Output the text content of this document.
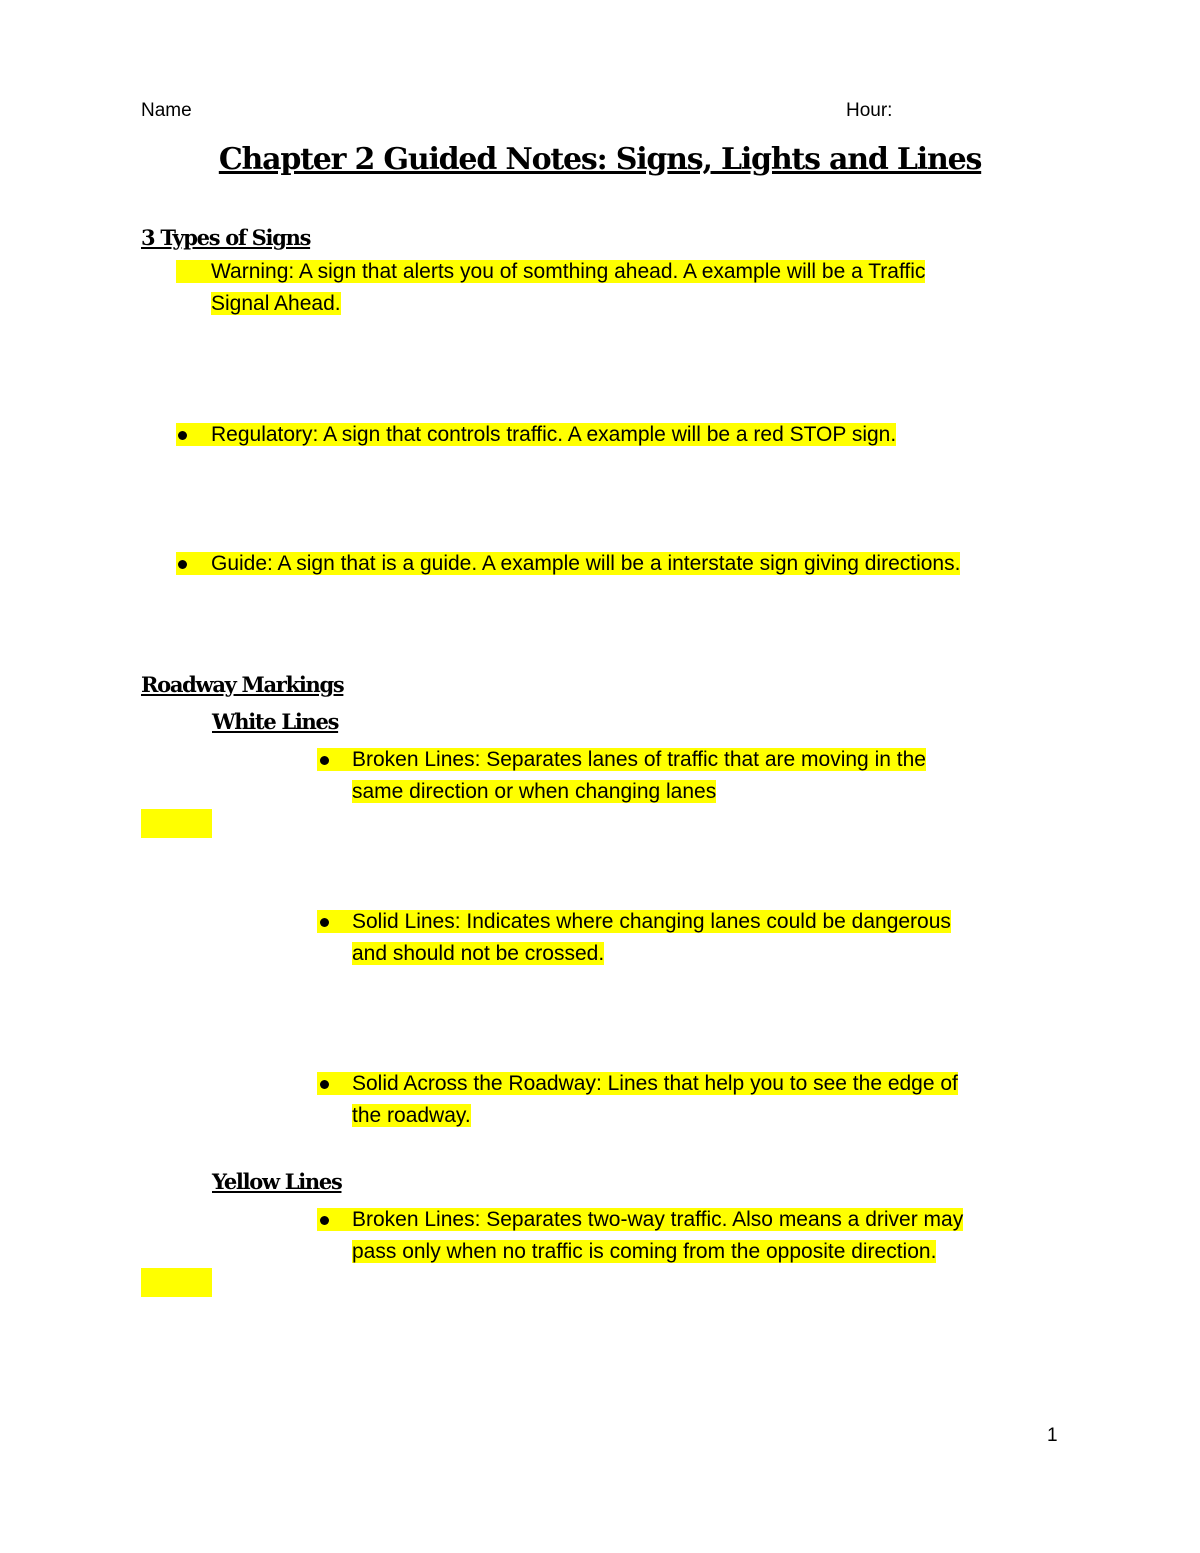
Name	Hour:
Chapter 2 Guided Notes: Signs, Lights and Lines
3 Types of Signs
Warning: A sign that alerts you of somthing ahead. A example will be a Traffic
Signal Ahead.
Regulatory: A sign that controls traffic. A example will be a red STOP sign.
Guide: A sign that is a guide. A example will be a interstate sign giving directions.
Roadway Markings
White Lines
Broken Lines: Separates lanes of traffic that are moving in the
same direction or when changing lanes
Solid Lines: Indicates where changing lanes could be dangerous
and should not be crossed.
Solid Across the Roadway: Lines that help you to see the edge of
the roadway.
Yellow Lines
Broken Lines: Separates two-way traffic. Also means a driver may
pass only when no traffic is coming from the opposite direction.
1
